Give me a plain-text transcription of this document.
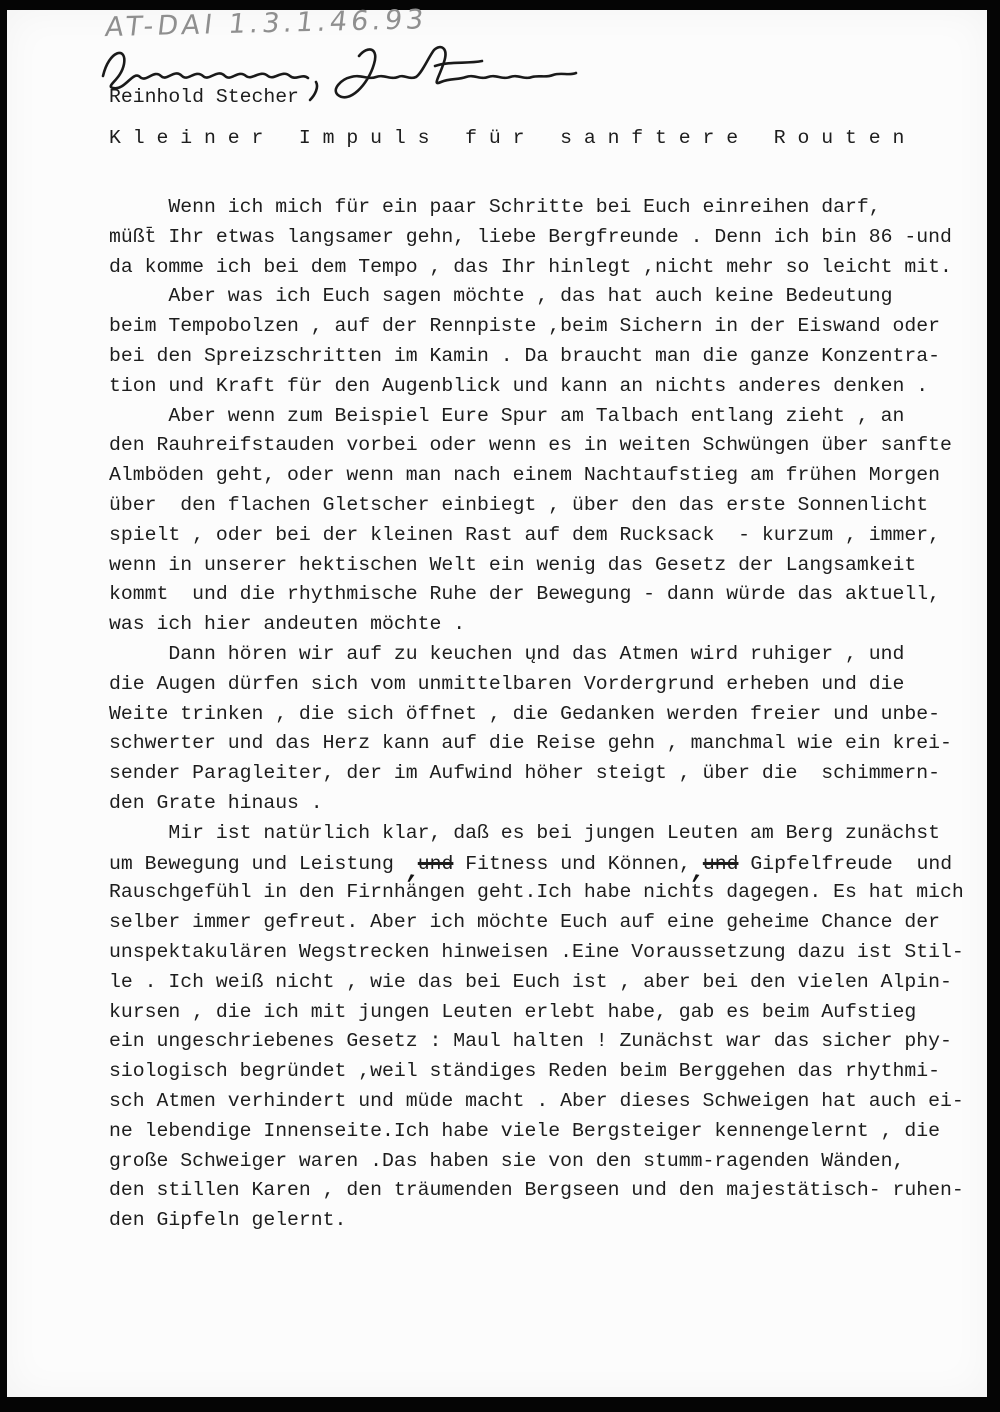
AT-DAI 1.3.1.46.93
Reinhold Stecher
K l e i n e r   I m p u l s   f ü r   s a n f t e r e   R o u t e n
Wenn ich mich für ein paar Schritte bei Euch einreihen darf,
müßt̄ Ihr etwas langsamer gehn, liebe Bergfreunde . Denn ich bin 86 -und
da komme ich bei dem Tempo , das Ihr hinlegt ,nicht mehr so leicht mit.
Aber was ich Euch sagen möchte , das hat auch keine Bedeutung
beim Tempobolzen , auf der Rennpiste ,beim Sichern in der Eiswand oder
bei den Spreizschritten im Kamin . Da braucht man die ganze Konzentra-
tion und Kraft für den Augenblick und kann an nichts anderes denken .
Aber wenn zum Beispiel Eure Spur am Talbach entlang zieht , an
den Rauhreifstauden vorbei oder wenn es in weiten Schwüngen über sanfte
Almböden geht, oder wenn man nach einem Nachtaufstieg am frühen Morgen
über  den flachen Gletscher einbiegt , über den das erste Sonnenlicht
spielt , oder bei der kleinen Rast auf dem Rucksack  - kurzum , immer,
wenn in unserer hektischen Welt ein wenig das Gesetz der Langsamkeit
kommt  und die rhythmische Ruhe der Bewegung - dann würde das aktuell,
was ich hier andeuten möchte .
Dann hören wir auf zu keuchen ųnd das Atmen wird ruhiger , und
die Augen dürfen sich vom unmittelbaren Vordergrund erheben und die
Weite trinken , die sich öffnet , die Gedanken werden freier und unbe-
schwerter und das Herz kann auf die Reise gehn , manchmal wie ein krei-
sender Paragleiter, der im Aufwind höher steigt , über die  schimmern-
den Grate hinaus .
Mir ist natürlich klar, daß es bei jungen Leuten am Berg zunächst
um Bewegung und Leistung ,und Fitness und Können,,und Gipfelfreude  und
Rauschgefühl in den Firnhängen geht.Ich habe nichts dagegen. Es hat mich
selber immer gefreut. Aber ich möchte Euch auf eine geheime Chance der
unspektakulären Wegstrecken hinweisen .Eine Voraussetzung dazu ist Stil-
le . Ich weiß nicht , wie das bei Euch ist , aber bei den vielen Alpin-
kursen , die ich mit jungen Leuten erlebt habe, gab es beim Aufstieg
ein ungeschriebenes Gesetz : Maul halten ! Zunächst war das sicher phy-
siologisch begründet ,weil ständiges Reden beim Berggehen das rhythmi-
sch Atmen verhindert und müde macht . Aber dieses Schweigen hat auch ei-
ne lebendige Innenseite.Ich habe viele Bergsteiger kennengelernt , die
große Schweiger waren .Das haben sie von den stumm-ragenden Wänden,
den stillen Karen , den träumenden Bergseen und den majestätisch- ruhen-
den Gipfeln gelernt.
